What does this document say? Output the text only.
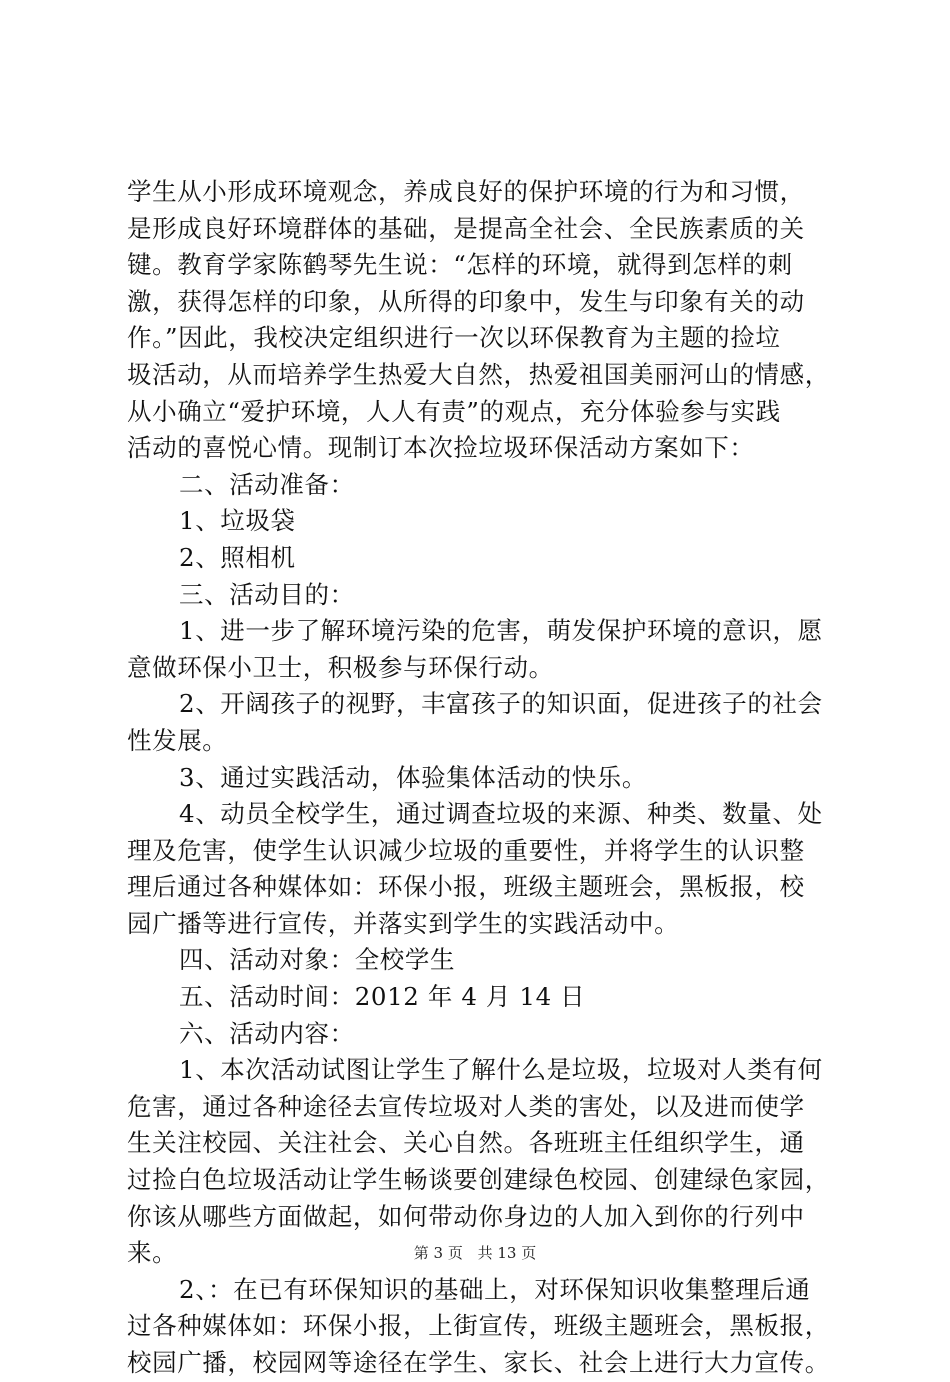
学生从小形成环境观念，养成良好的保护环境的行为和习惯，
是形成良好环境群体的基础，是提高全社会、全民族素质的关
键。教育学家陈鹤琴先生说：“怎样的环境，就得到怎样的刺
激，获得怎样的印象，从所得的印象中，发生与印象有关的动
作。”因此，我校决定组织进行一次以环保教育为主题的捡垃
圾活动，从而培养学生热爱大自然，热爱祖国美丽河山的情感，
从小确立“爱护环境，人人有责”的观点，充分体验参与实践
活动的喜悦心情。现制订本次捡垃圾环保活动方案如下：
二、活动准备：
1、垃圾袋
2、照相机
三、活动目的：
1、进一步了解环境污染的危害，萌发保护环境的意识，愿
意做环保小卫士，积极参与环保行动。
2、开阔孩子的视野，丰富孩子的知识面，促进孩子的社会
性发展。
3、通过实践活动，体验集体活动的快乐。
4、动员全校学生，通过调查垃圾的来源、种类、数量、处
理及危害，使学生认识减少垃圾的重要性，并将学生的认识整
理后通过各种媒体如：环保小报，班级主题班会，黑板报，校
园广播等进行宣传，并落实到学生的实践活动中。
四、活动对象：全校学生
五、活动时间：2012 年 4 月 14 日
六、活动内容：
1、本次活动试图让学生了解什么是垃圾，垃圾对人类有何
危害，通过各种途径去宣传垃圾对人类的害处，以及进而使学
生关注校园、关注社会、关心自然。各班班主任组织学生，通
过捡白色垃圾活动让学生畅谈要创建绿色校园、创建绿色家园，
你该从哪些方面做起，如何带动你身边的人加入到你的行列中
来。
2、：在已有环保知识的基础上，对环保知识收集整理后通
过各种媒体如：环保小报，上街宣传，班级主题班会，黑板报，
校园广播，校园网等途径在学生、家长、社会上进行大力宣传。
第 3 页 共 13 页
